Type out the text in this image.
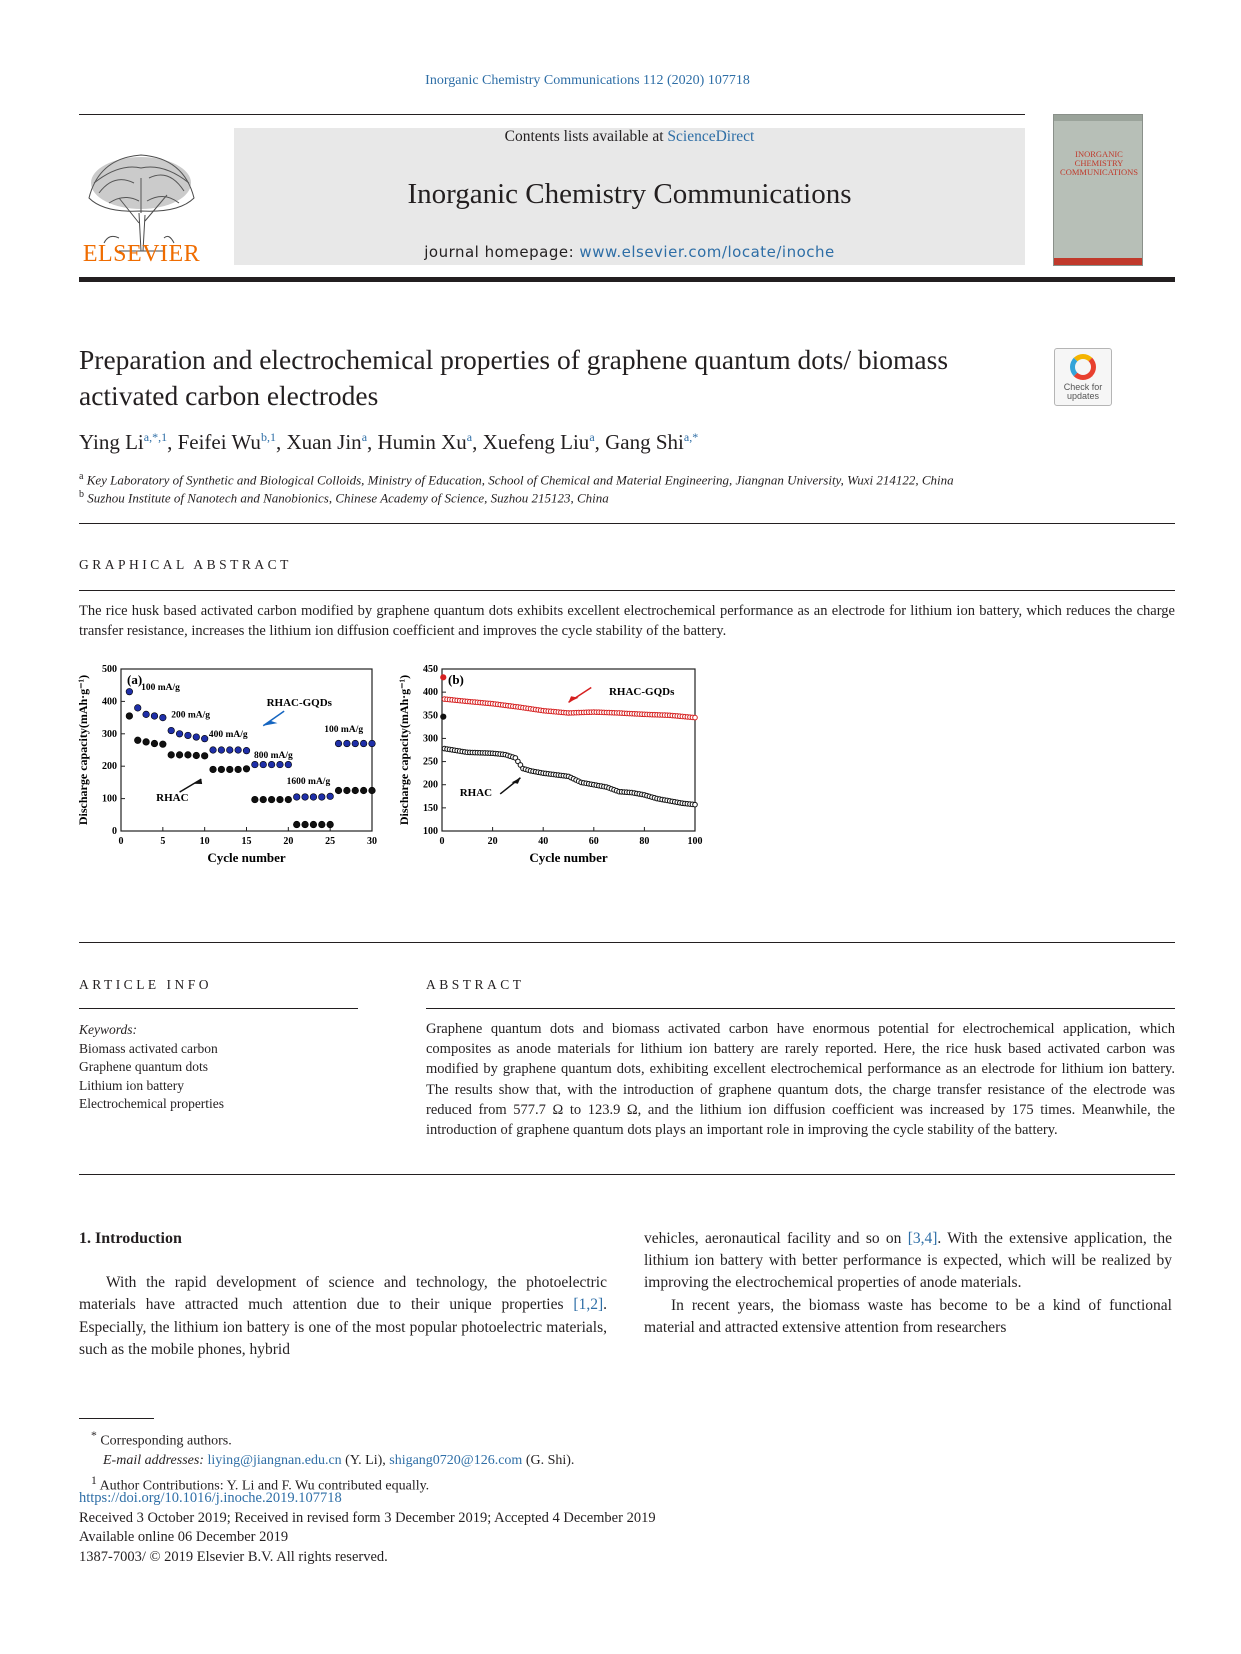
Inorganic Chemistry Communications 112 (2020) 107718
ELSEVIER
Contents lists available at ScienceDirect
Inorganic Chemistry Communications
journal homepage: www.elsevier.com/locate/inoche
INORGANIC CHEMISTRY COMMUNICATIONS
Preparation and electrochemical properties of graphene quantum dots/ biomass activated carbon electrodes	Check for updates
Ying $Li^{a,*,1}$, Feifei Wu$^{b,1}$, Xuan Jin$^a$, Humin Xu$^a$, Xuefeng Liu$^a$, Gang Shi$^{a,*}$
$^a$ Key Laboratory of Synthetic and Biological Colloids, Ministry of Education, School of Chemical and Material Engineering, Jiangnan University, Wuxi 214122, China
$^b$ Suzhou Institute of Nanotech and Nanobionics, Chinese Academy of Science, Suzhou 215123, China
GRAPHICAL ABSTRACT
The rice husk based activated carbon modified by graphene quantum dots exhibits excellent electrochemical performance as an electrode for lithium ion battery, which reduces the charge transfer resistance, increases the lithium ion diffusion coefficient and improves the cycle stability of the battery.
0	5	10	15	20	25	30
0
100
200
300
400
500
Cycle number
Discharge capacity(mAh·g⁻¹)	(a)
100 mA/g
200 mA/g
400 mA/g
800 mA/g
1600 mA/g
100 mA/g
RHAC-GQDs
RHAC
0	20	40	60	80	100
100
150
200
250
300
350
400
450
Cycle number
Discharge capacity(mAh·g⁻¹)	(b)
RHAC-GQDs
RHAC
ARTICLE INFO
Keywords:
Biomass activated carbon
Graphene quantum dots
Lithium ion battery
Electrochemical properties
ABSTRACT
Graphene quantum dots and biomass activated carbon have enormous potential for electrochemical application, which composites as anode materials for lithium ion battery are rarely reported. Here, the rice husk based activated carbon was modified by graphene quantum dots, exhibiting excellent electrochemical performance as an electrode for lithium ion battery. The results show that, with the introduction of graphene quantum dots, the charge transfer resistance of the electrode was reduced from 577.7 Ω to 123.9 Ω, and the lithium ion diffusion coefficient was increased by 175 times. Meanwhile, the introduction of graphene quantum dots plays an important role in improving the cycle stability of the battery.
1. Introduction

With the rapid development of science and technology, the photoelectric materials have attracted much attention due to their unique properties [1,2]. Especially, the lithium ion battery is one of the most popular photoelectric materials, such as the mobile phones, hybrid

vehicles, aeronautical facility and so on [3,4]. With the extensive application, the lithium ion battery with better performance is expected, which will be realized by improving the electrochemical properties of anode materials.

In recent years, the biomass waste has become to be a kind of functional material and attracted extensive attention from researchers

* Corresponding authors.
E-mail addresses: liying@jiangnan.edu.cn (Y. Li), shigang0720@126.com (G. Shi).
$^1$ Author Contributions: Y. Li and F. Wu contributed equally.
https://doi.org/10.1016/j.inoche.2019.107718
Received 3 October 2019; Received in revised form 3 December 2019; Accepted 4 December 2019
Available online 06 December 2019
1387-7003/ © 2019 Elsevier B.V. All rights reserved.
